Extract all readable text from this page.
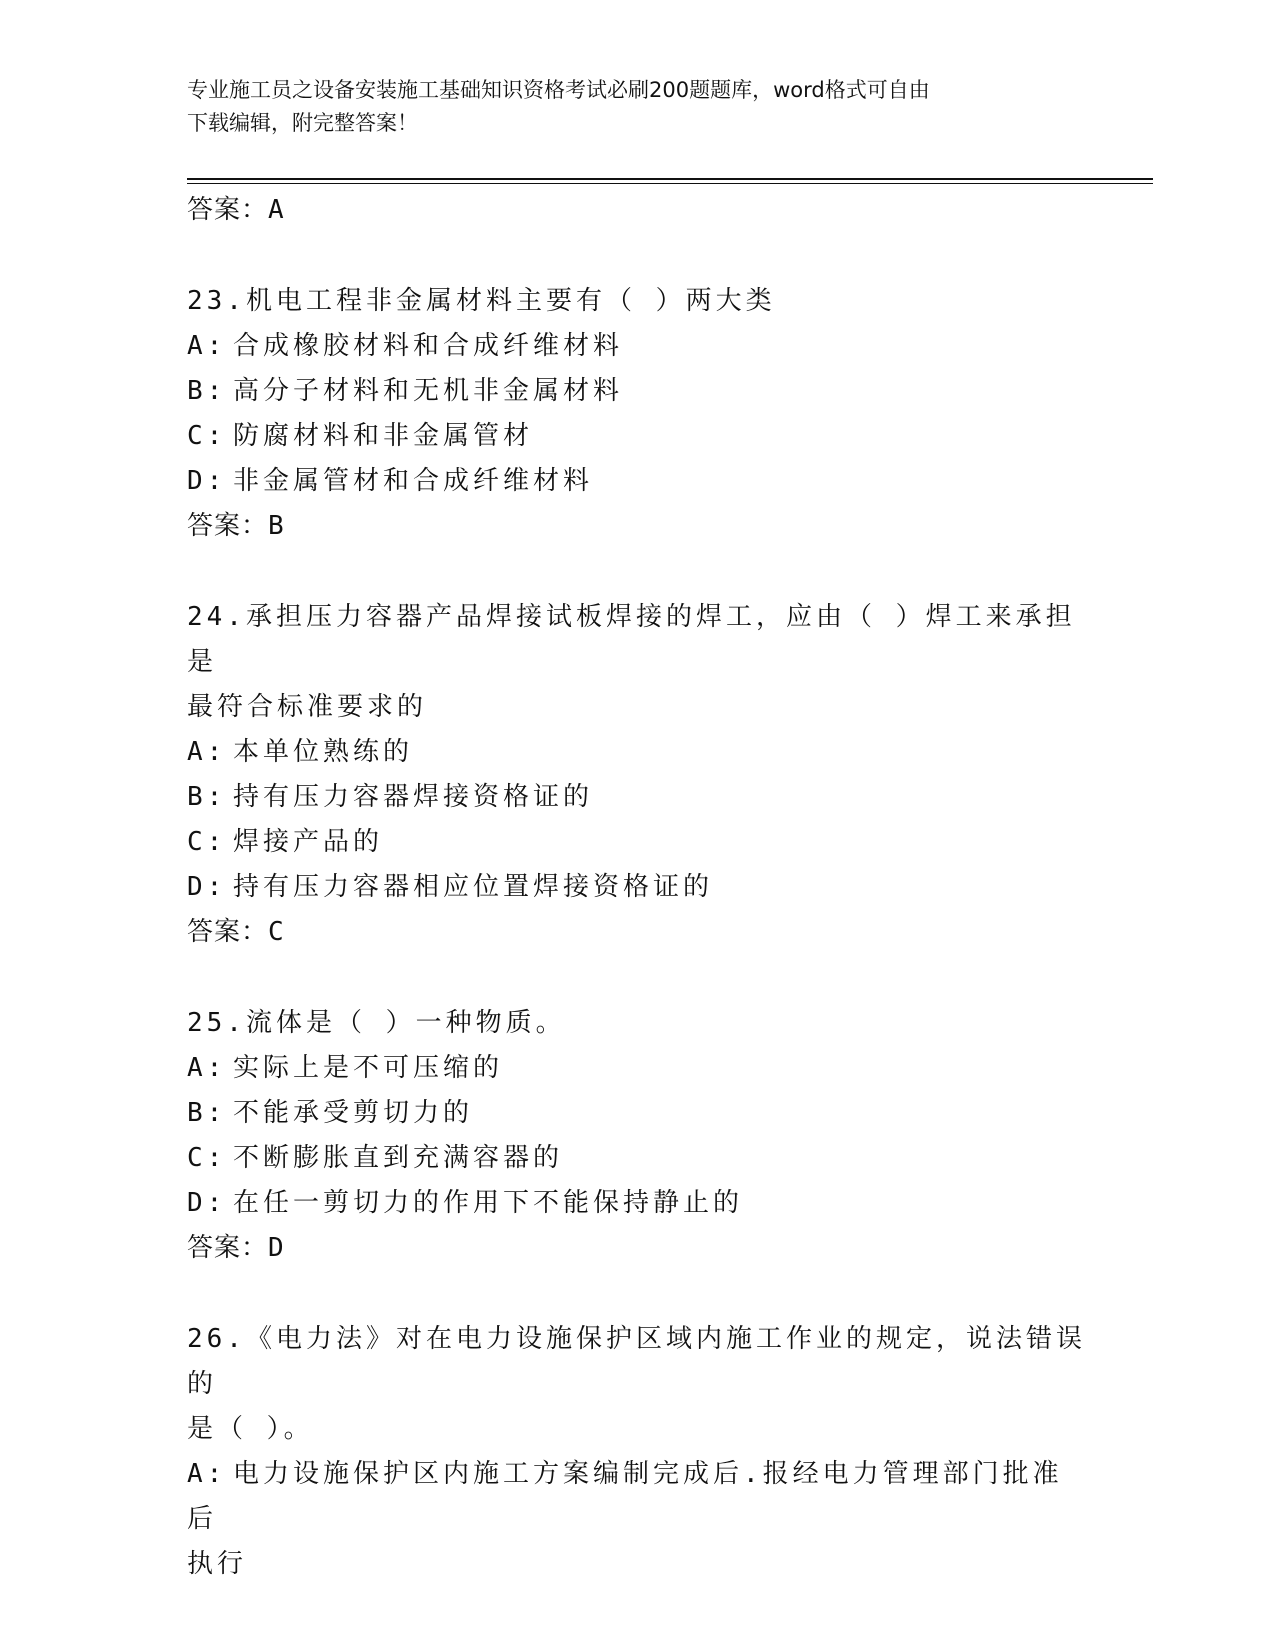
专业施工员之设备安装施工基础知识资格考试必刷200题题库，word格式可自由
下载编辑，附完整答案！

答案：A

23.机电工程非金属材料主要有（ ）两大类

A: 合成橡胶材料和合成纤维材料

B: 高分子材料和无机非金属材料

C: 防腐材料和非金属管材

D: 非金属管材和合成纤维材料

答案：B

24.承担压力容器产品焊接试板焊接的焊工，应由（ ）焊工来承担是

最符合标准要求的

A: 本单位熟练的

B: 持有压力容器焊接资格证的

C: 焊接产品的

D: 持有压力容器相应位置焊接资格证的

答案：C

25.流体是（ ）一种物质。

A: 实际上是不可压缩的

B: 不能承受剪切力的

C: 不断膨胀直到充满容器的

D: 在任一剪切力的作用下不能保持静止的

答案：D

26.《电力法》对在电力设施保护区域内施工作业的规定，说法错误的

是（ ）。

A: 电力设施保护区内施工方案编制完成后.报经电力管理部门批准后

执行
